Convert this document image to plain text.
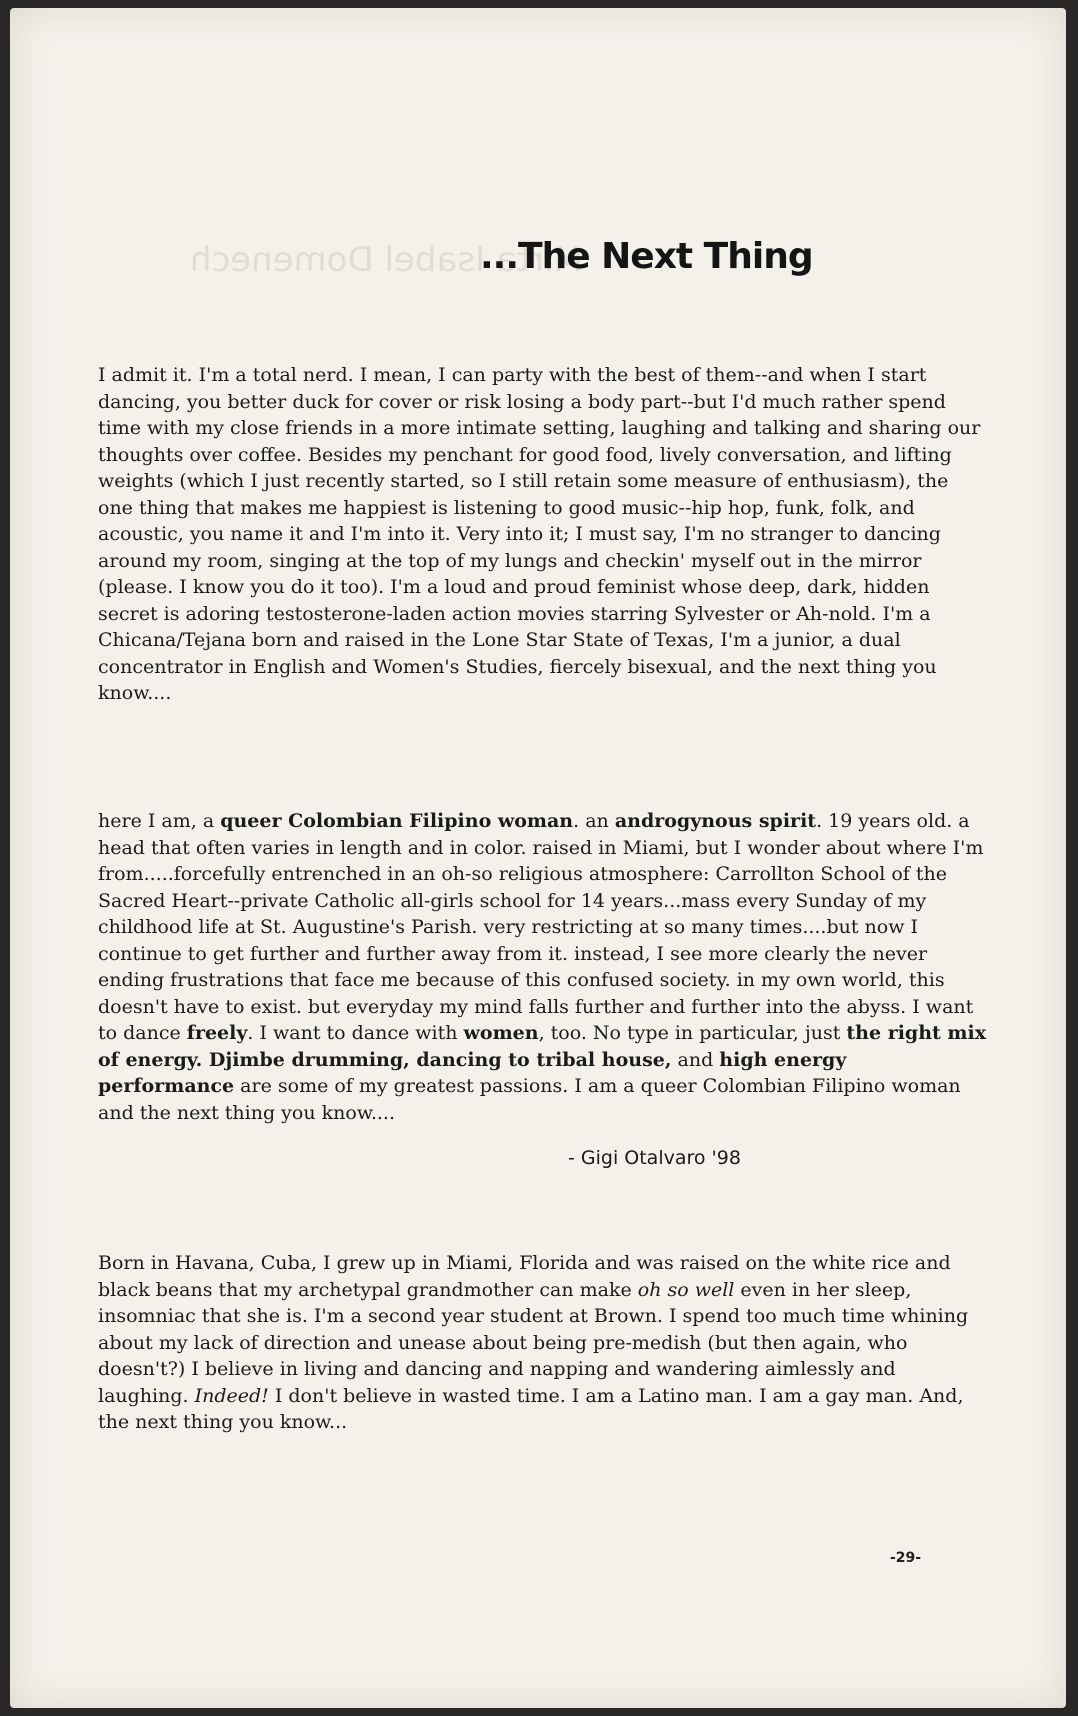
Mirta Isabel Domenech
...The Next Thing

I admit it. I'm a total nerd. I mean, I can party with the best of them--and when I start dancing, you better duck for cover or risk losing a body part--but I'd much rather spend time with my close friends in a more intimate setting, laughing and talking and sharing our thoughts over coffee. Besides my penchant for good food, lively conversation, and lifting weights (which I just recently started, so I still retain some measure of enthusiasm), the one thing that makes me happiest is listening to good music--hip hop, funk, folk, and acoustic, you name it and I'm into it. Very into it; I must say, I'm no stranger to dancing around my room, singing at the top of my lungs and checkin' myself out in the mirror (please. I know you do it too). I'm a loud and proud feminist whose deep, dark, hidden secret is adoring testosterone-laden action movies starring Sylvester or Ah-nold. I'm a Chicana/Tejana born and raised in the Lone Star State of Texas, I'm a junior, a dual concentrator in English and Women's Studies, fiercely bisexual, and the next thing you know....

here I am, a queer Colombian Filipino woman. an androgynous spirit. 19 years old. a head that often varies in length and in color. raised in Miami, but I wonder about where I'm from.....forcefully entrenched in an oh-so religious atmosphere: Carrollton School of the Sacred Heart--private Catholic all-girls school for 14 years...mass every Sunday of my childhood life at St. Augustine's Parish. very restricting at so many times....but now I continue to get further and further away from it. instead, I see more clearly the never ending frustrations that face me because of this confused society. in my own world, this doesn't have to exist. but everyday my mind falls further and further into the abyss. I want to dance freely. I want to dance with women, too. No type in particular, just the right mix of energy. Djimbe drumming, dancing to tribal house, and high energy performance are some of my greatest passions. I am a queer Colombian Filipino woman and the next thing you know....

- Gigi Otalvaro '98

Born in Havana, Cuba, I grew up in Miami, Florida and was raised on the white rice and black beans that my archetypal grandmother can make oh so well even in her sleep, insomniac that she is. I'm a second year student at Brown. I spend too much time whining about my lack of direction and unease about being pre-medish (but then again, who doesn't?) I believe in living and dancing and napping and wandering aimlessly and laughing. Indeed! I don't believe in wasted time. I am a Latino man. I am a gay man. And, the next thing you know...

-29-
